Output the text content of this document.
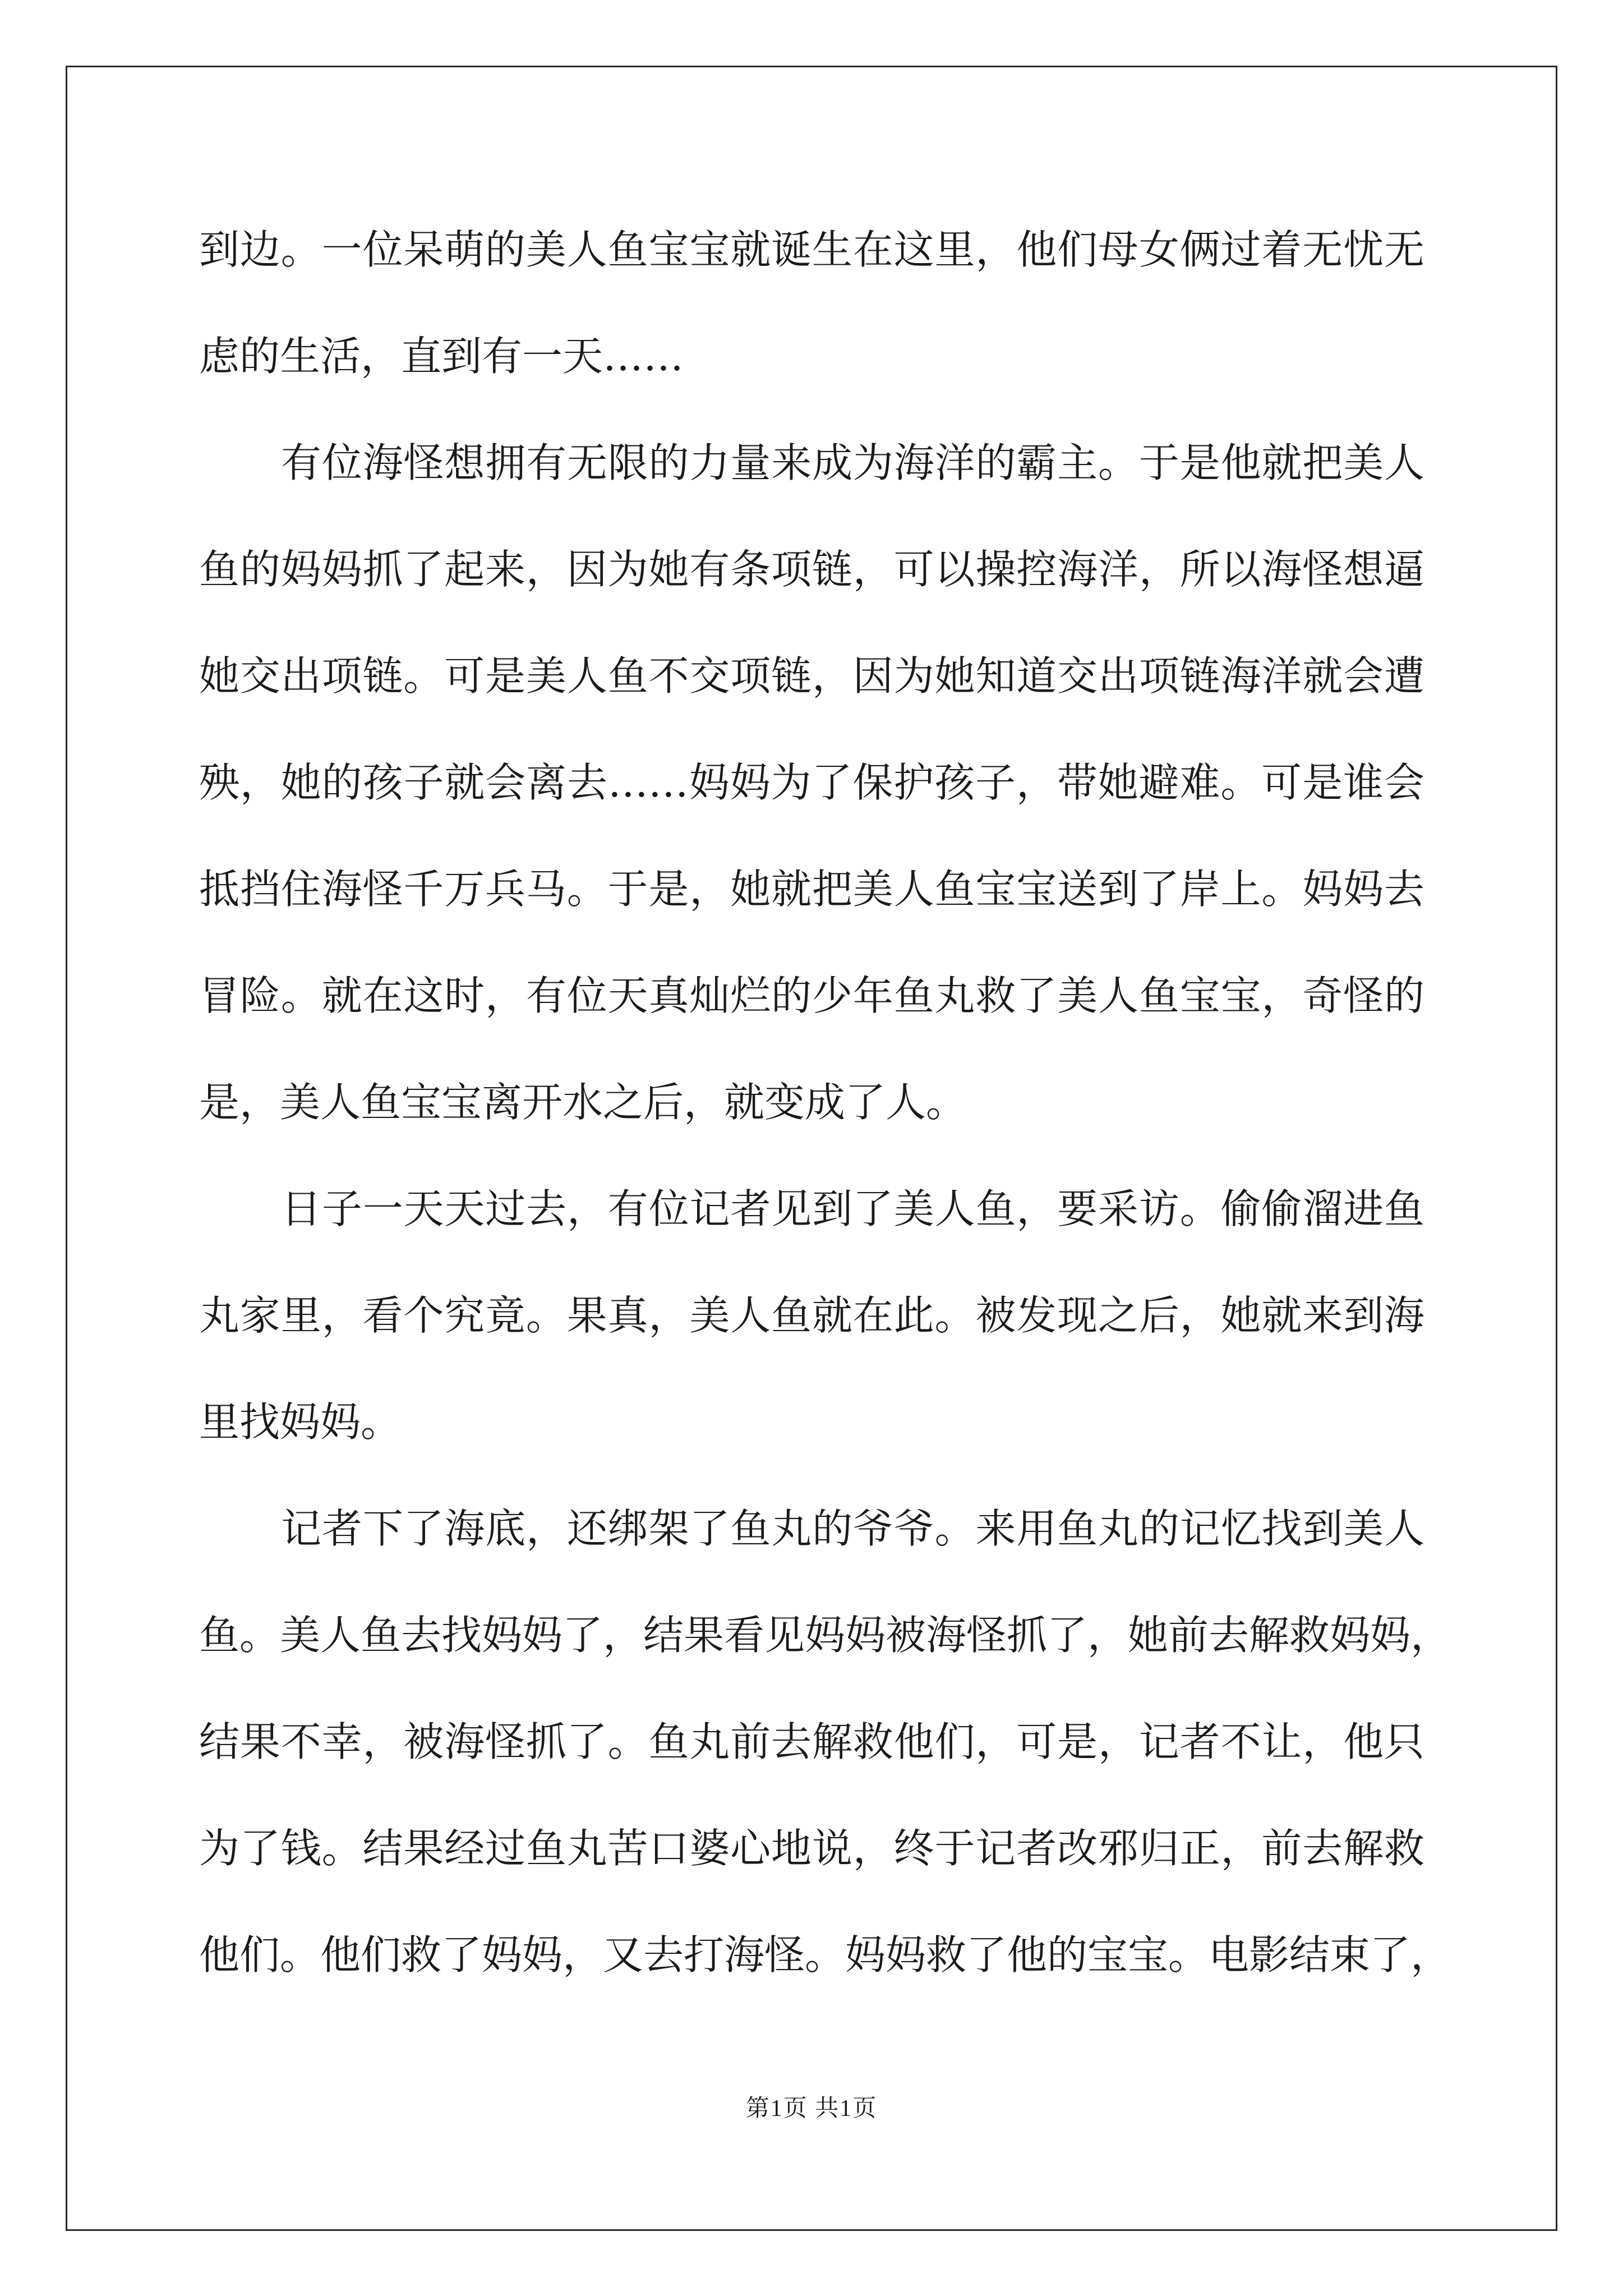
到边。一位呆萌的美人鱼宝宝就诞生在这里，他们母女俩过着无忧无
虑的生活，直到有一天……
有位海怪想拥有无限的力量来成为海洋的霸主。于是他就把美人
鱼的妈妈抓了起来，因为她有条项链，可以操控海洋，所以海怪想逼
她交出项链。可是美人鱼不交项链，因为她知道交出项链海洋就会遭
殃，她的孩子就会离去……妈妈为了保护孩子，带她避难。可是谁会
抵挡住海怪千万兵马。于是，她就把美人鱼宝宝送到了岸上。妈妈去
冒险。就在这时，有位天真灿烂的少年鱼丸救了美人鱼宝宝，奇怪的
是，美人鱼宝宝离开水之后，就变成了人。
日子一天天过去，有位记者见到了美人鱼，要采访。偷偷溜进鱼
丸家里，看个究竟。果真，美人鱼就在此。被发现之后，她就来到海
里找妈妈。
记者下了海底，还绑架了鱼丸的爷爷。来用鱼丸的记忆找到美人
鱼。美人鱼去找妈妈了，结果看见妈妈被海怪抓了，她前去解救妈妈，
结果不幸，被海怪抓了。鱼丸前去解救他们，可是，记者不让，他只
为了钱。结果经过鱼丸苦口婆心地说，终于记者改邪归正，前去解救
他们。他们救了妈妈，又去打海怪。妈妈救了他的宝宝。电影结束了，
第1页 共1页
